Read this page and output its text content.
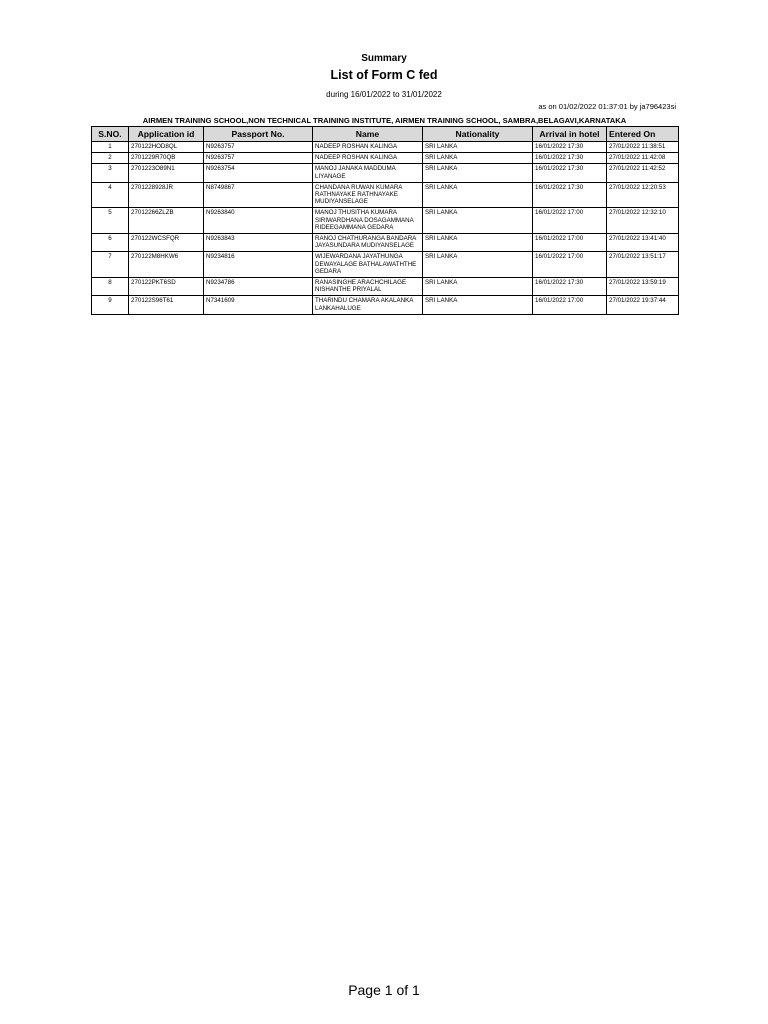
Summary
List of Form C fed
during 16/01/2022 to 31/01/2022
as on 01/02/2022 01:37:01 by ja796423si
AIRMEN TRAINING SCHOOL,NON TECHNICAL TRAINING INSTITUTE, AIRMEN TRAINING SCHOOL, SAMBRA,BELAGAVI,KARNATAKA
S.NO.	Application id	Passport No.	Name	Nationality	Arrival in hotel	Entered On
1	270122HOD8QL	N9263757	NADEEP ROSHAN KALINGA	SRI LANKA	16/01/2022 17:30	27/01/2022 11:38:51
2	2701229R70QB	N9263757	NADEEP ROSHAN KALINGA	SRI LANKA	16/01/2022 17:30	27/01/2022 11:42:08
3	2701223O89N1	N9263754	MANOJ JANAKA MADDUMA LIYANAGE	SRI LANKA	16/01/2022 17:30	27/01/2022 11:42:52
4	2701228928JR	N8749867	CHANDANA RUWAN KUMARA RATHNAYAKE RATHNAYAKE MUDIYANSELAGE	SRI LANKA	16/01/2022 17:30	27/01/2022 12:20:53
5	27012266ZLZB	N9263840	MANOJ THUSITHA KUMARA SIRIWARDHANA DOSAGAMMANA RIDEEGAMMANA GEDARA	SRI LANKA	16/01/2022 17:00	27/01/2022 12:32:10
6	270122WCSFQR	N9263843	RANOJ CHATHURANGA BANDARA JAYASUNDARA MUDIYANSELAGE	SRI LANKA	16/01/2022 17:00	27/01/2022 13:41:40
7	270122M8HKW6	N9234816	WIJEWARDANA JAYATHUNGA DEWAYALAGE BATHALAWATHTHE GEDARA	SRI LANKA	16/01/2022 17:00	27/01/2022 13:51:17
8	270122PKT6SD	N9234786	RANASINGHE ARACHCHILAGE NISHANTHE PRIYALAL	SRI LANKA	16/01/2022 17:30	27/01/2022 13:59:19
9	270122S96T61	N7341609	THARINDU CHAMARA AKALANKA LANKAHALUGE	SRI LANKA	16/01/2022 17:00	27/01/2022 19:37:44
Page 1 of 1
